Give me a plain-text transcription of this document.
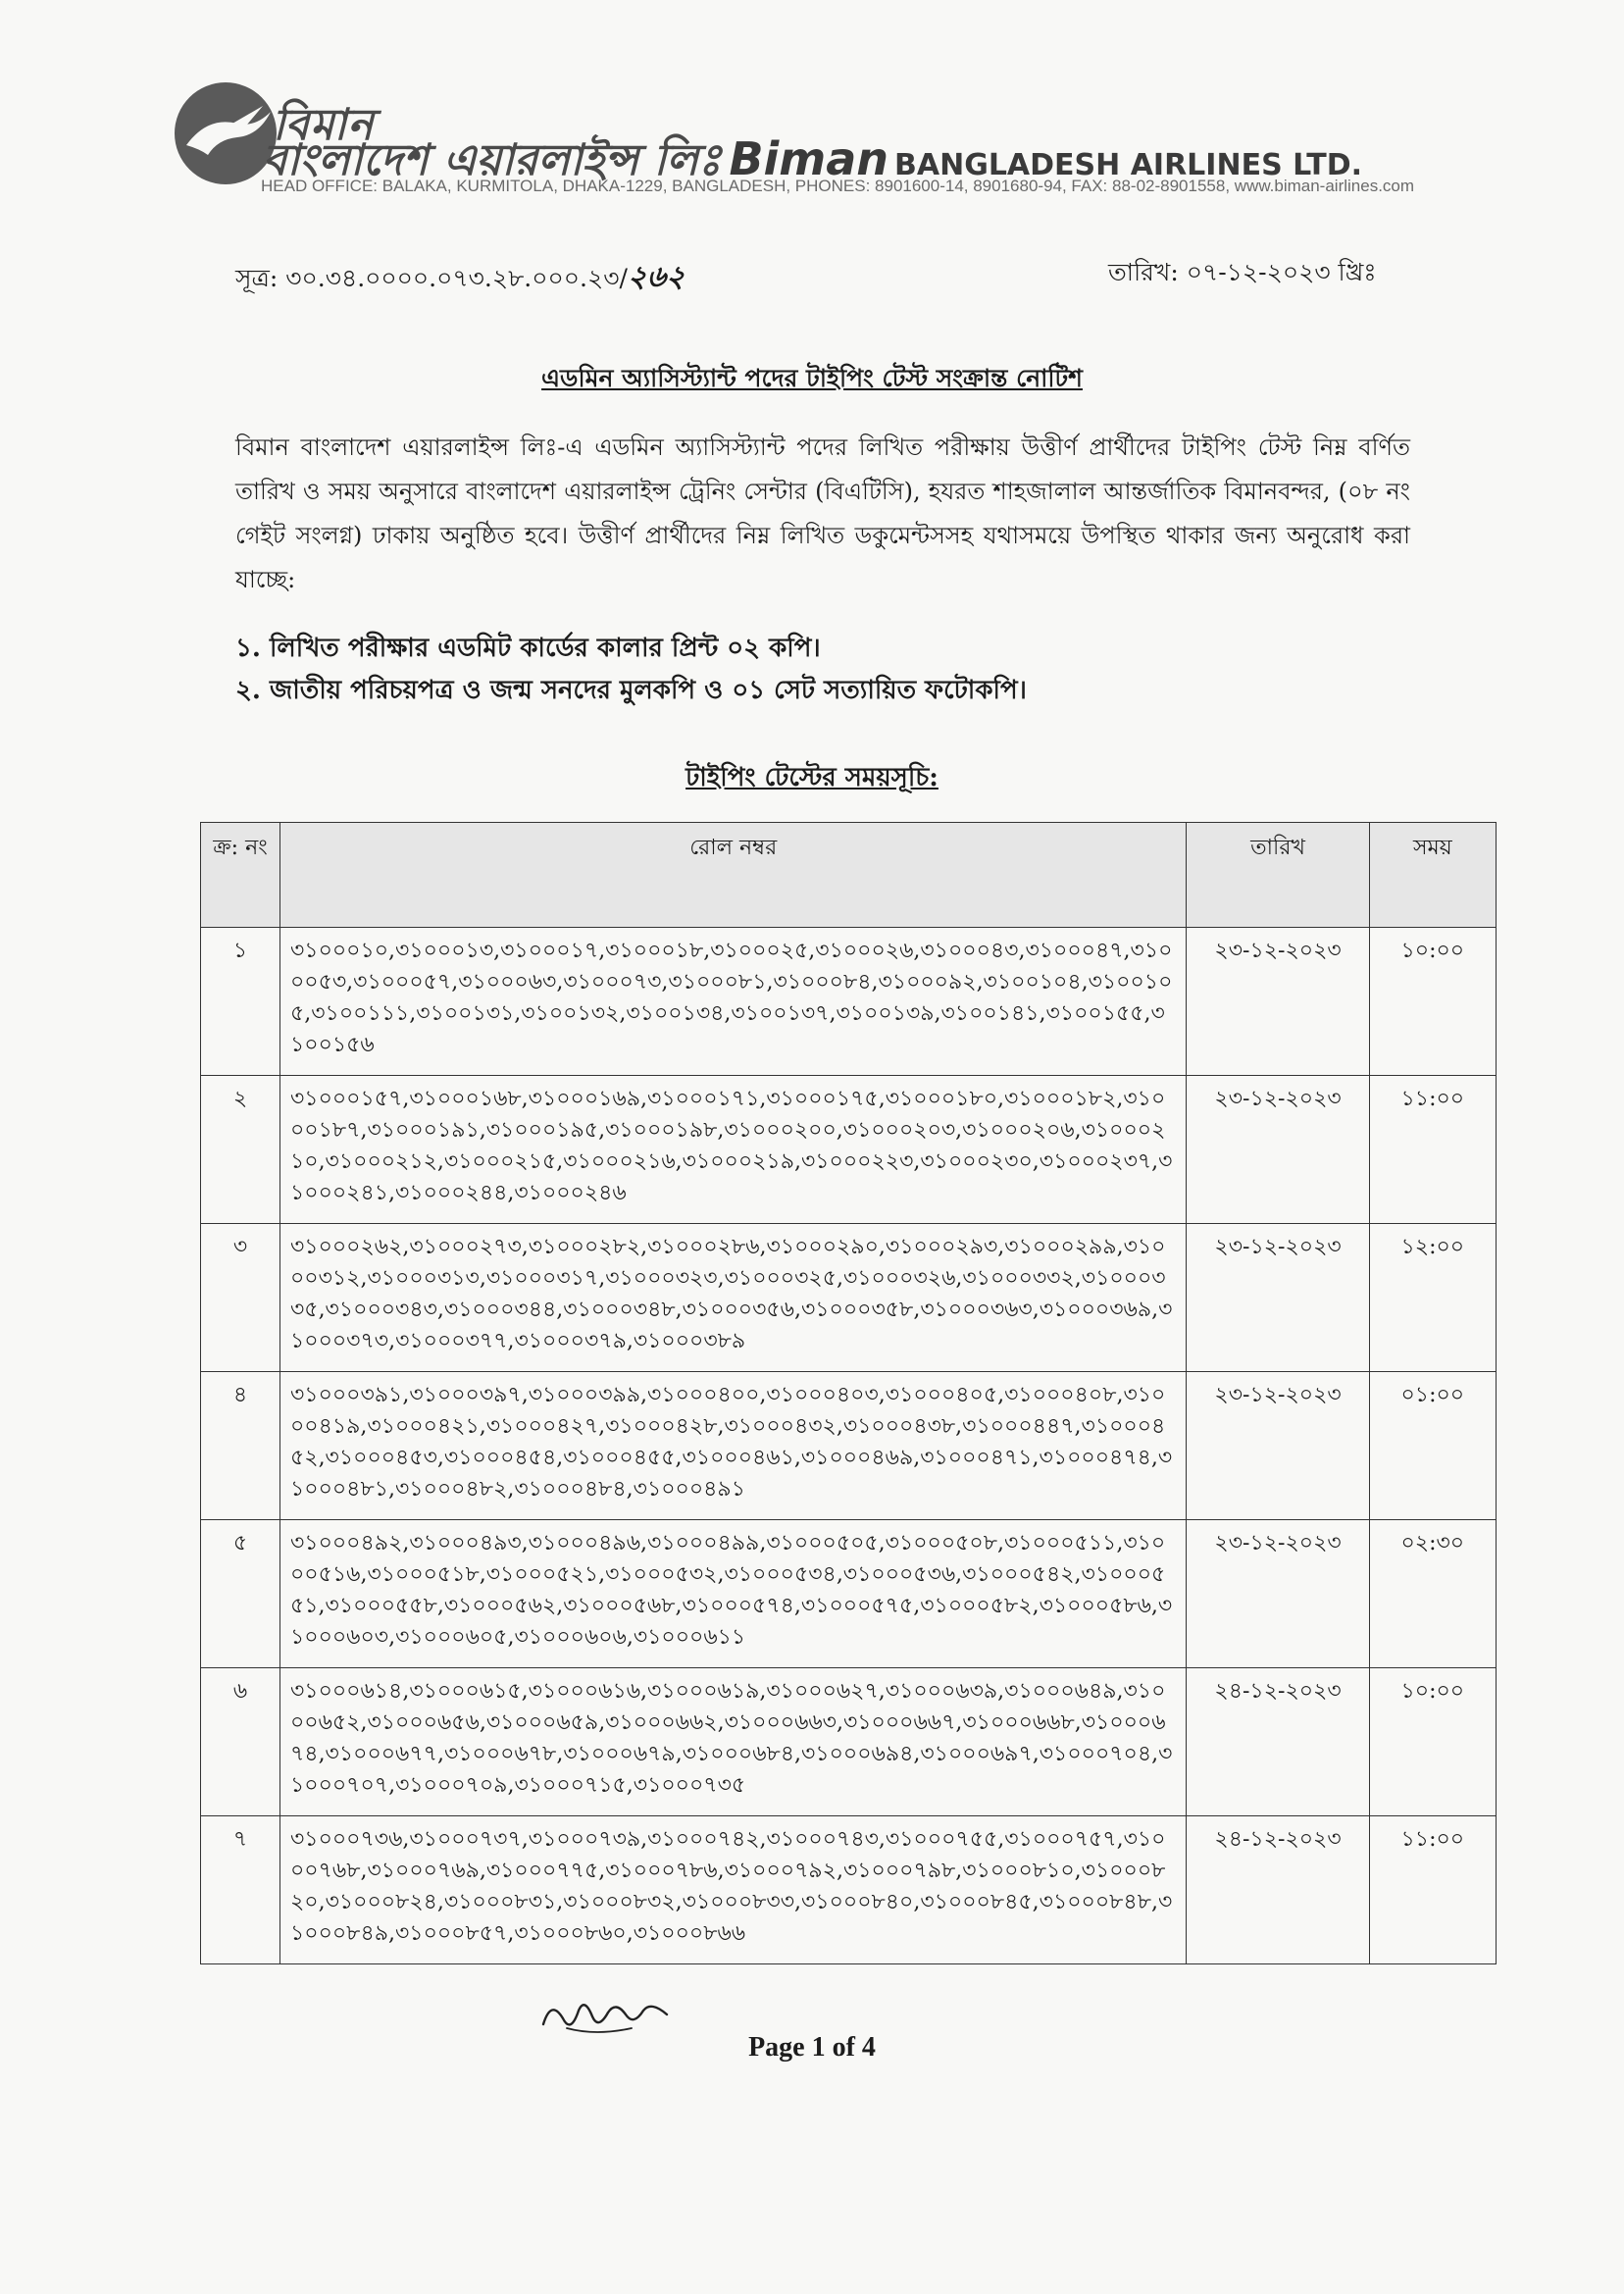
বিমান
বাংলাদেশ এয়ারলাইন্স লিঃ Biman BANGLADESH AIRLINES LTD.
HEAD OFFICE: BALAKA, KURMITOLA, DHAKA-1229, BANGLADESH, PHONES: 8901600-14, 8901680-94, FAX: 88-02-8901558, www.biman-airlines.com
সূত্র: ৩০.৩৪.০০০০.০৭৩.২৮.০০০.২৩/২৬২	তারিখ: ০৭-১২-২০২৩ খ্রিঃ
এডমিন অ্যাসিস্ট্যান্ট পদের টাইপিং টেস্ট সংক্রান্ত নোটিশ

বিমান বাংলাদেশ এয়ারলাইন্স লিঃ-এ এডমিন অ্যাসিস্ট্যান্ট পদের লিখিত পরীক্ষায় উত্তীর্ণ প্রার্থীদের টাইপিং টেস্ট নিম্ন বর্ণিত তারিখ ও সময় অনুসারে বাংলাদেশ এয়ারলাইন্স ট্রেনিং সেন্টার (বিএটিসি), হযরত শাহজালাল আন্তর্জাতিক বিমানবন্দর, (০৮ নং গেইট সংলগ্ন) ঢাকায় অনুষ্ঠিত হবে। উত্তীর্ণ প্রার্থীদের নিম্ন লিখিত ডকুমেন্টসসহ যথাসময়ে উপস্থিত থাকার জন্য অনুরোধ করা যাচ্ছে:

১. লিখিত পরীক্ষার এডমিট কার্ডের কালার প্রিন্ট ০২ কপি।

২. জাতীয় পরিচয়পত্র ও জন্ম সনদের মুলকপি ও ০১ সেট সত্যায়িত ফটোকপি।

টাইপিং টেস্টের সময়সূচি:
ক্র: নং	রোল নম্বর	তারিখ	সময়
১	৩১০০০১০,​৩১০০০১৩,​৩১০০০১৭,​৩১০০০১৮,​৩১০০০২৫,​৩১০০০২৬,​৩১০০০৪৩,​৩১০০০৪৭,​৩১০০০৫৩,​৩১০০০৫৭,​৩১০০০৬৩,​৩১০০০৭৩,​৩১০০০৮১,​৩১০০০৮৪,​৩১০০০৯২,​৩১০০১০৪,​৩১০০১০৫,​৩১০০১১১,​৩১০০১৩১,​৩১০০১৩২,​৩১০০১৩৪,​৩১০০১৩৭,​৩১০০১৩৯,​৩১০০১৪১,​৩১০০১৫৫,​৩১০০১৫৬	২৩-১২-২০২৩	১০:০০
২	৩১০০০১৫৭,​৩১০০০১৬৮,​৩১০০০১৬৯,​৩১০০০১৭১,​৩১০০০১৭৫,​৩১০০০১৮০,​৩১০০০১৮২,​৩১০০০১৮৭,​৩১০০০১৯১,​৩১০০০১৯৫,​৩১০০০১৯৮,​৩১০০০২০০,​৩১০০০২০৩,​৩১০০০২০৬,​৩১০০০২১০,​৩১০০০২১২,​৩১০০০২১৫,​৩১০০০২১৬,​৩১০০০২১৯,​৩১০০০২২৩,​৩১০০০২৩০,​৩১০০০২৩৭,​৩১০০০২৪১,​৩১০০০২৪৪,​৩১০০০২৪৬	২৩-১২-২০২৩	১১:০০
৩	৩১০০০২৬২,​৩১০০০২৭৩,​৩১০০০২৮২,​৩১০০০২৮৬,​৩১০০০২৯০,​৩১০০০২৯৩,​৩১০০০২৯৯,​৩১০০০৩১২,​৩১০০০৩১৩,​৩১০০০৩১৭,​৩১০০০৩২৩,​৩১০০০৩২৫,​৩১০০০৩২৬,​৩১০০০৩৩২,​৩১০০০৩৩৫,​৩১০০০৩৪৩,​৩১০০০৩৪৪,​৩১০০০৩৪৮,​৩১০০০৩৫৬,​৩১০০০৩৫৮,​৩১০০০৩৬৩,​৩১০০০৩৬৯,​৩১০০০৩৭৩,​৩১০০০৩৭৭,​৩১০০০৩৭৯,​৩১০০০৩৮৯	২৩-১২-২০২৩	১২:০০
৪	৩১০০০৩৯১,​৩১০০০৩৯৭,​৩১০০০৩৯৯,​৩১০০০৪০০,​৩১০০০৪০৩,​৩১০০০৪০৫,​৩১০০০৪০৮,​৩১০০০৪১৯,​৩১০০০৪২১,​৩১০০০৪২৭,​৩১০০০৪২৮,​৩১০০০৪৩২,​৩১০০০৪৩৮,​৩১০০০৪৪৭,​৩১০০০৪৫২,​৩১০০০৪৫৩,​৩১০০০৪৫৪,​৩১০০০৪৫৫,​৩১০০০৪৬১,​৩১০০০৪৬৯,​৩১০০০৪৭১,​৩১০০০৪৭৪,​৩১০০০৪৮১,​৩১০০০৪৮২,​৩১০০০৪৮৪,​৩১০০০৪৯১	২৩-১২-২০২৩	০১:০০
৫	৩১০০০৪৯২,​৩১০০০৪৯৩,​৩১০০০৪৯৬,​৩১০০০৪৯৯,​৩১০০০৫০৫,​৩১০০০৫০৮,​৩১০০০৫১১,​৩১০০০৫১৬,​৩১০০০৫১৮,​৩১০০০৫২১,​৩১০০০৫৩২,​৩১০০০৫৩৪,​৩১০০০৫৩৬,​৩১০০০৫৪২,​৩১০০০৫৫১,​৩১০০০৫৫৮,​৩১০০০৫৬২,​৩১০০০৫৬৮,​৩১০০০৫৭৪,​৩১০০০৫৭৫,​৩১০০০৫৮২,​৩১০০০৫৮৬,​৩১০০০৬০৩,​৩১০০০৬০৫,​৩১০০০৬০৬,​৩১০০০৬১১	২৩-১২-২০২৩	০২:৩০
৬	৩১০০০৬১৪,​৩১০০০৬১৫,​৩১০০০৬১৬,​৩১০০০৬১৯,​৩১০০০৬২৭,​৩১০০০৬৩৯,​৩১০০০৬৪৯,​৩১০০০৬৫২,​৩১০০০৬৫৬,​৩১০০০৬৫৯,​৩১০০০৬৬২,​৩১০০০৬৬৩,​৩১০০০৬৬৭,​৩১০০০৬৬৮,​৩১০০০৬৭৪,​৩১০০০৬৭৭,​৩১০০০৬৭৮,​৩১০০০৬৭৯,​৩১০০০৬৮৪,​৩১০০০৬৯৪,​৩১০০০৬৯৭,​৩১০০০৭০৪,​৩১০০০৭০৭,​৩১০০০৭০৯,​৩১০০০৭১৫,​৩১০০০৭৩৫	২৪-১২-২০২৩	১০:০০
৭	৩১০০০৭৩৬,​৩১০০০৭৩৭,​৩১০০০৭৩৯,​৩১০০০৭৪২,​৩১০০০৭৪৩,​৩১০০০৭৫৫,​৩১০০০৭৫৭,​৩১০০০৭৬৮,​৩১০০০৭৬৯,​৩১০০০৭৭৫,​৩১০০০৭৮৬,​৩১০০০৭৯২,​৩১০০০৭৯৮,​৩১০০০৮১০,​৩১০০০৮২০,​৩১০০০৮২৪,​৩১০০০৮৩১,​৩১০০০৮৩২,​৩১০০০৮৩৩,​৩১০০০৮৪০,​৩১০০০৮৪৫,​৩১০০০৮৪৮,​৩১০০০৮৪৯,​৩১০০০৮৫৭,​৩১০০০৮৬০,​৩১০০০৮৬৬	২৪-১২-২০২৩	১১:০০
Page 1 of 4
